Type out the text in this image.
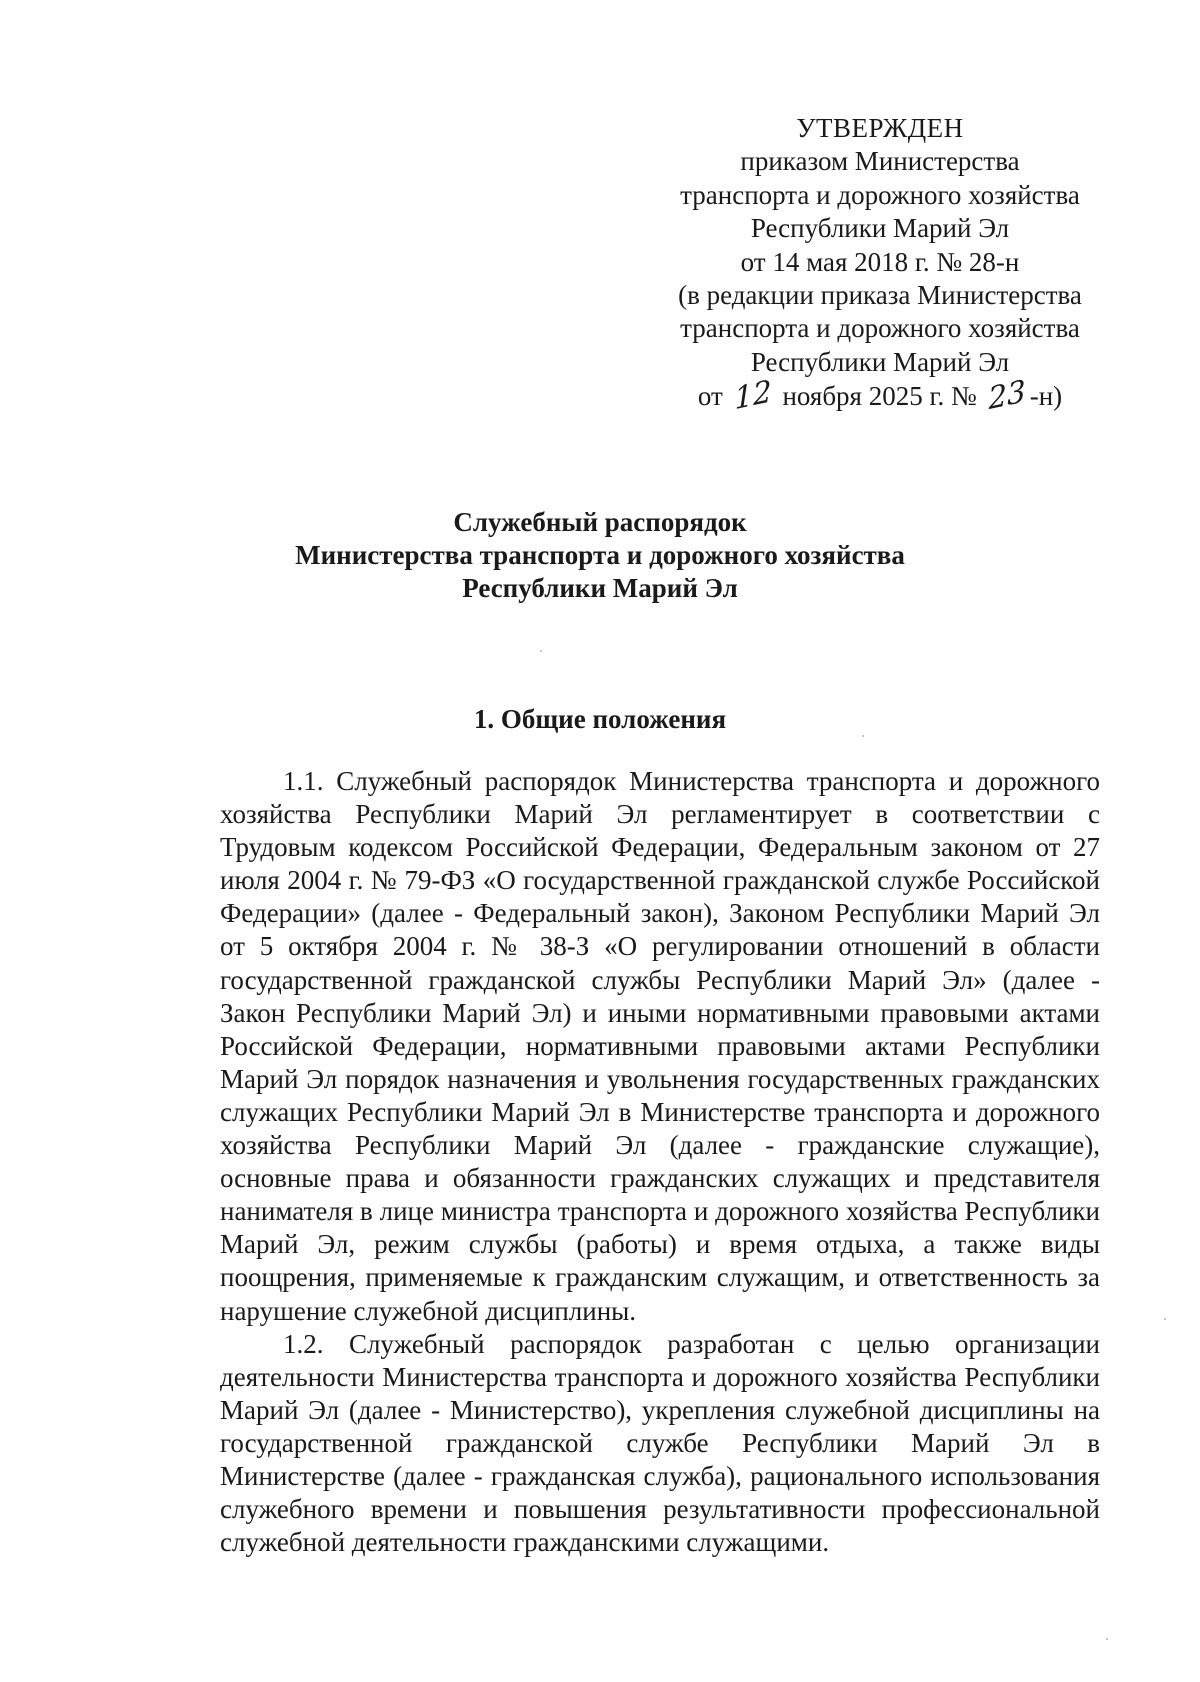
УТВЕРЖДЕН
приказом Министерства
транспорта и дорожного хозяйства
Республики Марий Эл
от 14 мая 2018 г. № 28-н
(в редакции приказа Министерства
транспорта и дорожного хозяйства
Республики Марий Эл
от 12 ноября 2025 г. № 23 -н)
Служебный распорядок
Министерства транспорта и дорожного хозяйства
Республики Марий Эл
1. Общие положения

1.1. Служебный распорядок Министерства транспорта и дорожного хозяйства Республики Марий Эл регламентирует в соответствии с Трудовым кодексом Российской Федерации, Федеральным законом от 27 июля 2004 г. № 79-ФЗ «О государственной гражданской службе Российской Федерации» (далее - Федеральный закон), Законом Республики Марий Эл от 5 октября 2004 г. № 38-З «О регулировании отношений в области государственной гражданской службы Республики Марий Эл» (далее - Закон Республики Марий Эл) и иными нормативными правовыми актами Российской Федерации, нормативными правовыми актами Республики Марий Эл порядок назначения и увольнения государственных гражданских служащих Республики Марий Эл в Министерстве транспорта и дорожного хозяйства Республики Марий Эл (далее - гражданские служащие), основные права и обязанности гражданских служащих и представителя нанимателя в лице министра транспорта и дорожного хозяйства Республики Марий Эл, режим службы (работы) и время отдыха, а также виды поощрения, применяемые к гражданским служащим, и ответственность за нарушение служебной дисциплины.

1.2. Служебный распорядок разработан с целью организации деятельности Министерства транспорта и дорожного хозяйства Республики Марий Эл (далее - Министерство), укрепления служебной дисциплины на государственной гражданской службе Республики Марий Эл в Министерстве (далее - гражданская служба), рационального использования служебного времени и повышения результативности профессиональной служебной деятельности гражданскими служащими.
